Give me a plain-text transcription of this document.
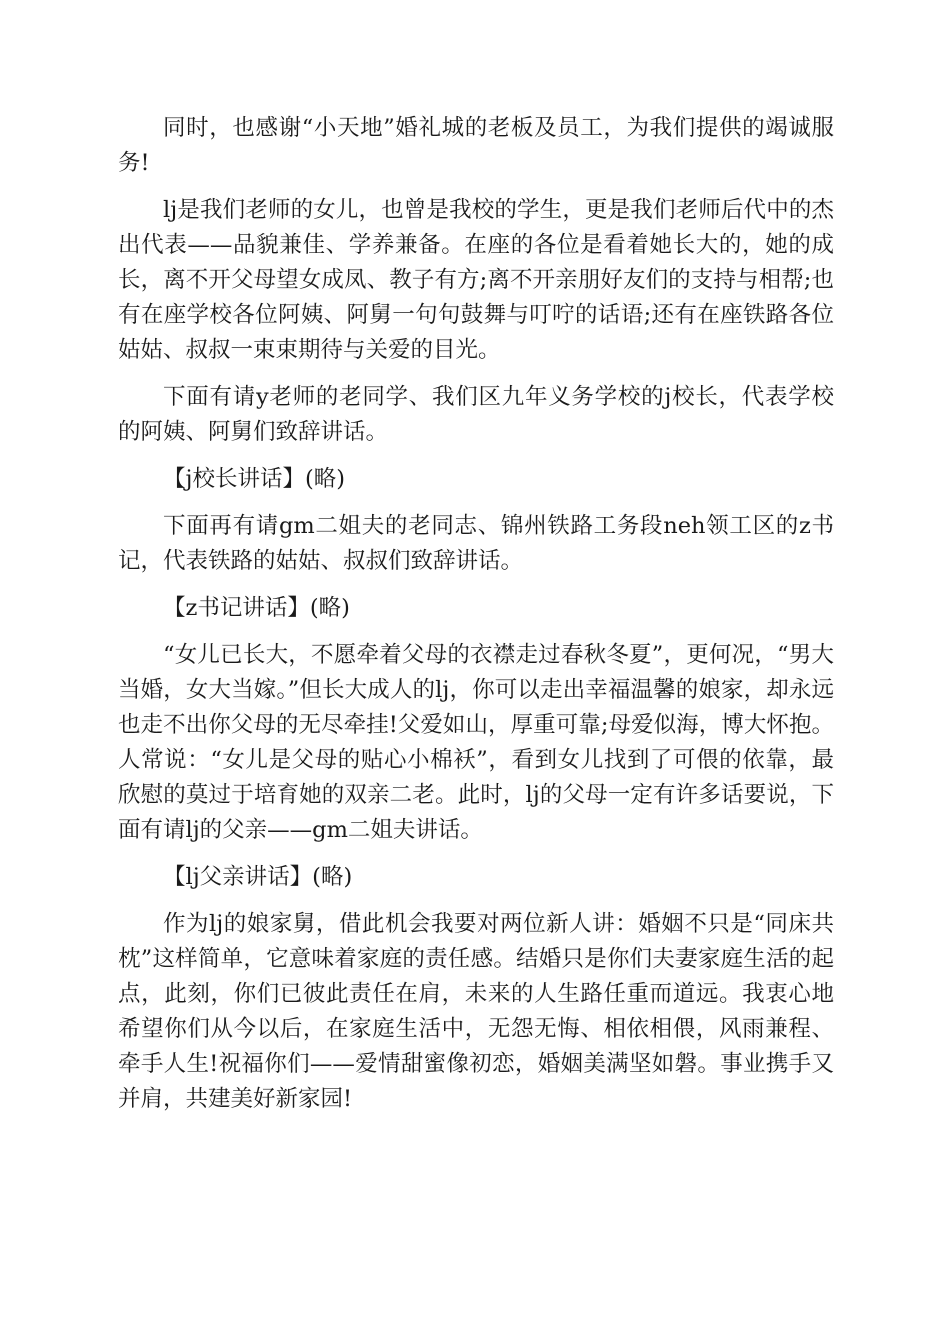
同时，也感谢“小天地”婚礼城的老板及员工，为我们提供的竭诚服务!

lj是我们老师的女儿，也曾是我校的学生，更是我们老师后代中的杰出代表——品貌兼佳、学养兼备。在座的各位是看着她长大的，她的成长，离不开父母望女成凤、教子有方;离不开亲朋好友们的支持与相帮;也有在座学校各位阿姨、阿舅一句句鼓舞与叮咛的话语;还有在座铁路各位姑姑、叔叔一束束期待与关爱的目光。

下面有请y老师的老同学、我们区九年义务学校的j校长，代表学校的阿姨、阿舅们致辞讲话。

【j校长讲话】(略)

下面再有请gm二姐夫的老同志、锦州铁路工务段neh领工区的z书记，代表铁路的姑姑、叔叔们致辞讲话。

【z书记讲话】(略)

“女儿已长大，不愿牵着父母的衣襟走过春秋冬夏”，更何况，“男大当婚，女大当嫁。”但长大成人的lj，你可以走出幸福温馨的娘家，却永远也走不出你父母的无尽牵挂!父爱如山，厚重可靠;母爱似海，博大怀抱。人常说：“女儿是父母的贴心小棉袄”，看到女儿找到了可偎的依靠，最欣慰的莫过于培育她的双亲二老。此时，lj的父母一定有许多话要说，下面有请lj的父亲——gm二姐夫讲话。

【lj父亲讲话】(略)

作为lj的娘家舅，借此机会我要对两位新人讲：婚姻不只是“同床共枕”这样简单，它意味着家庭的责任感。结婚只是你们夫妻家庭生活的起点，此刻，你们已彼此责任在肩，未来的人生路任重而道远。我衷心地希望你们从今以后，在家庭生活中，无怨无悔、相依相偎，风雨兼程、牵手人生!祝福你们——爱情甜蜜像初恋，婚姻美满坚如磐。事业携手又并肩，共建美好新家园!
